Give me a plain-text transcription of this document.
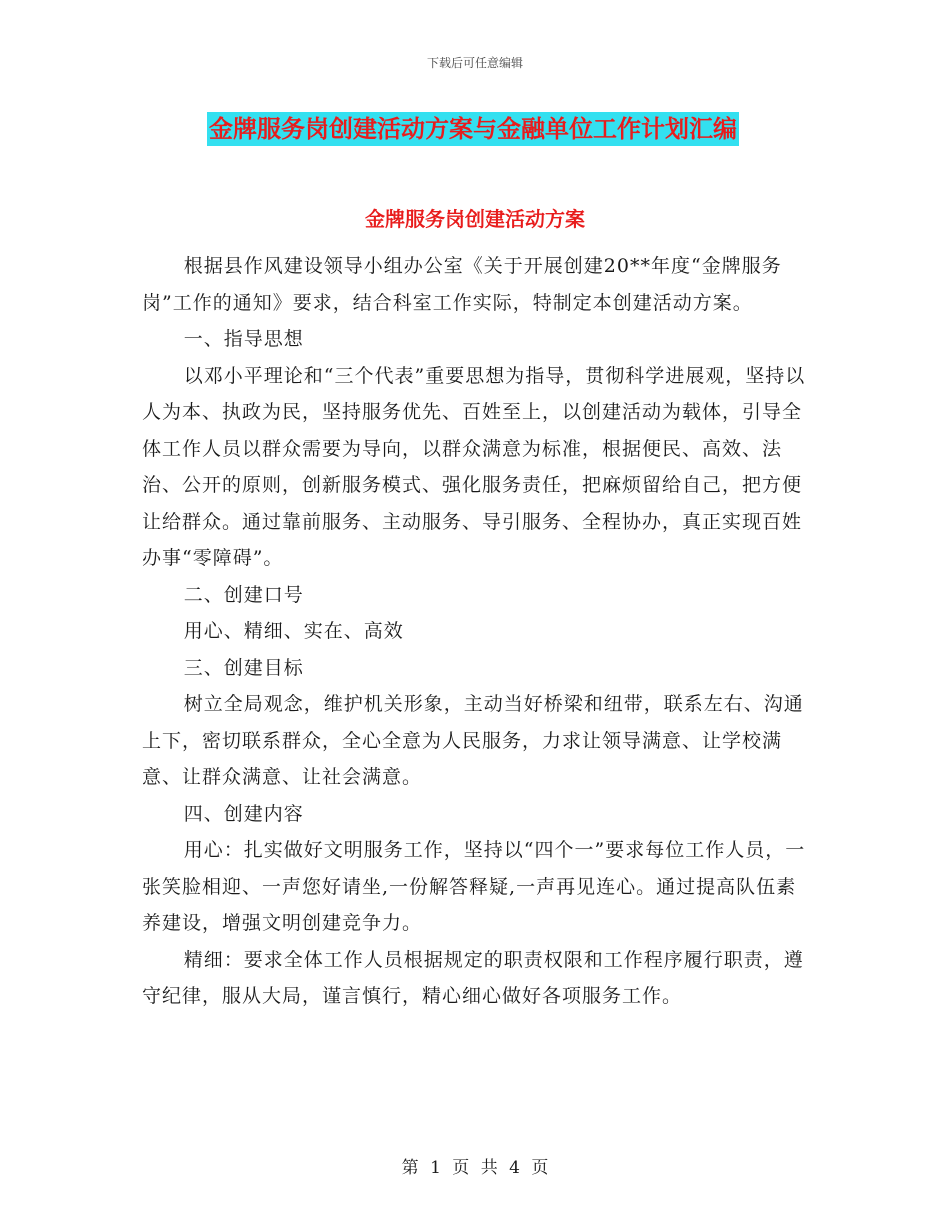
下载后可任意编辑
金牌服务岗创建活动方案与金融单位工作计划汇编
金牌服务岗创建活动方案

根据县作风建设领导小组办公室《关于开展创建20**年度“金牌服务岗”工作的通知》要求，结合科室工作实际，特制定本创建活动方案。

一、指导思想

以邓小平理论和“三个代表”重要思想为指导，贯彻科学进展观，坚持以人为本、执政为民，坚持服务优先、百姓至上，以创建活动为载体，引导全体工作人员以群众需要为导向，以群众满意为标准，根据便民、高效、法治、公开的原则，创新服务模式、强化服务责任，把麻烦留给自己，把方便让给群众。通过靠前服务、主动服务、导引服务、全程协办，真正实现百姓办事“零障碍”。

二、创建口号

用心、精细、实在、高效

三、创建目标

树立全局观念，维护机关形象，主动当好桥梁和纽带，联系左右、沟通上下，密切联系群众，全心全意为人民服务，力求让领导满意、让学校满意、让群众满意、让社会满意。

四、创建内容

用心：扎实做好文明服务工作，坚持以“四个一”要求每位工作人员，一张笑脸相迎、一声您好请坐,一份解答释疑,一声再见连心。通过提高队伍素养建设，增强文明创建竞争力。

精细：要求全体工作人员根据规定的职责权限和工作程序履行职责，遵守纪律，服从大局，谨言慎行，精心细心做好各项服务工作。

第 1 页 共 4 页
